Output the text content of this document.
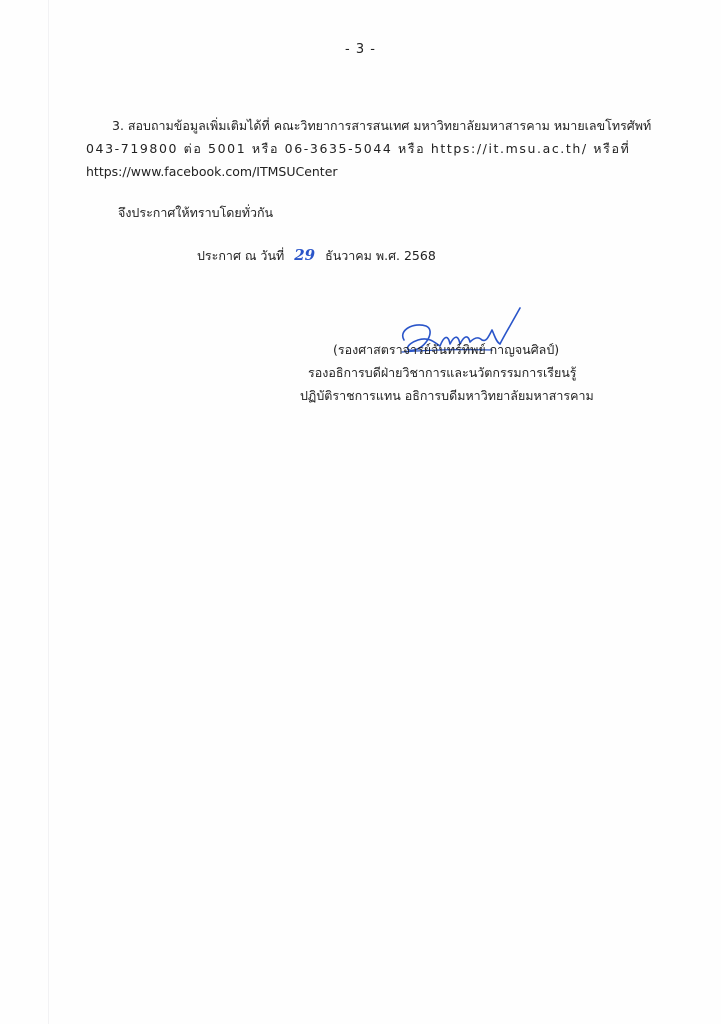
- 3 -
3. สอบถามข้อมูลเพิ่มเติมได้ที่ คณะวิทยาการสารสนเทศ มหาวิทยาลัยมหาสารคาม หมายเลขโทรศัพท์
043-719800 ต่อ 5001 หรือ 06-3635-5044 หรือ https://it.msu.ac.th/ หรือที่
https://www.facebook.com/ITMSUCenter
จึงประกาศให้ทราบโดยทั่วกัน
ประกาศ ณ วันที่ 29 ธันวาคม พ.ศ. 2568
(รองศาสตราจารย์จันทร์ทิพย์ กาญจนศิลป์)
รองอธิการบดีฝ่ายวิชาการและนวัตกรรมการเรียนรู้
ปฏิบัติราชการแทน อธิการบดีมหาวิทยาลัยมหาสารคาม
